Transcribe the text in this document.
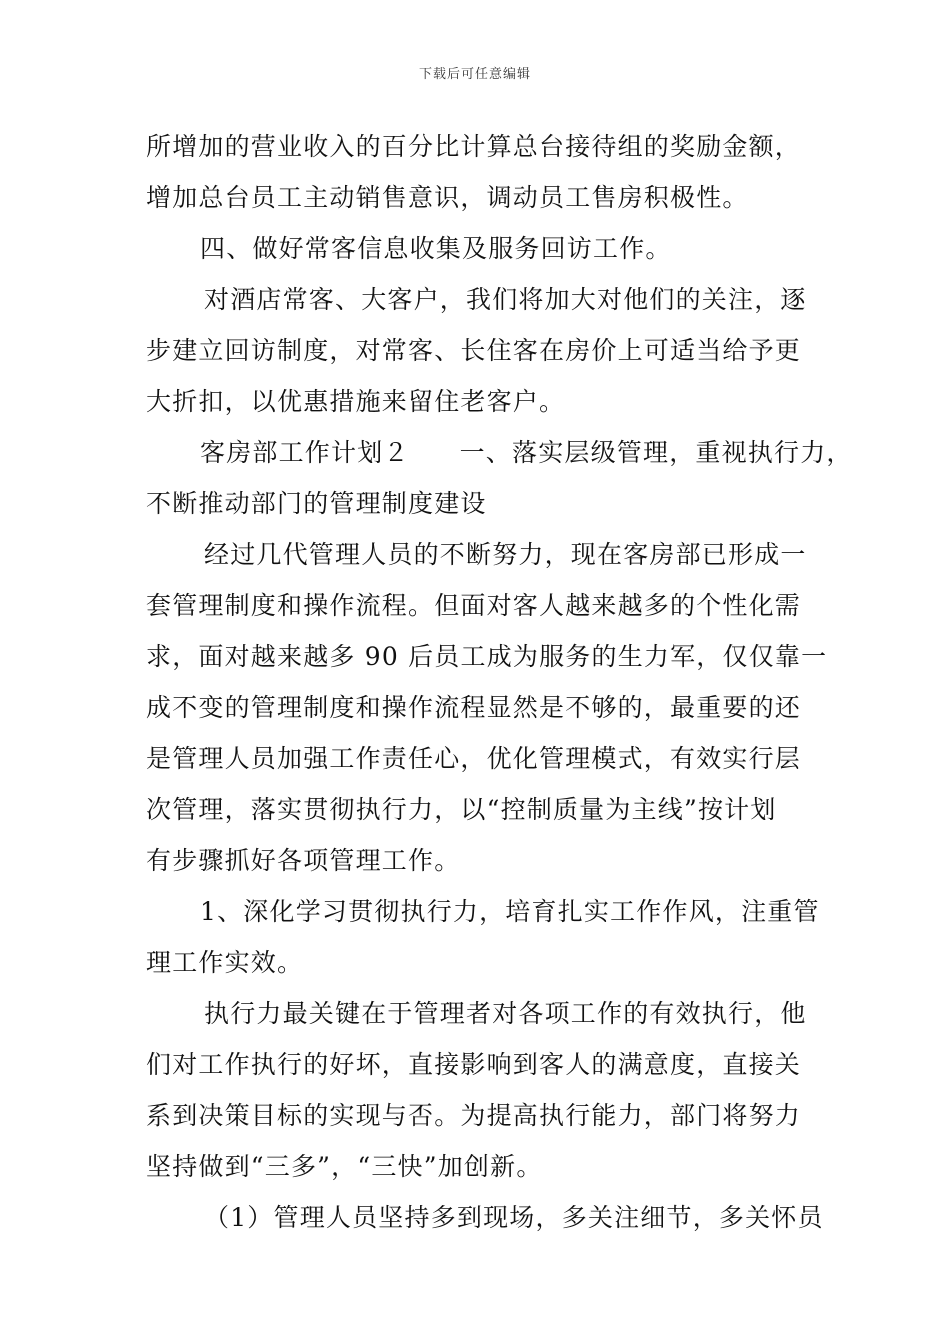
下载后可任意编辑

所增加的营业收入的百分比计算总台接待组的奖励金额，

增加总台员工主动销售意识，调动员工售房积极性。

四、做好常客信息收集及服务回访工作。

对酒店常客、大客户，我们将加大对他们的关注，逐

步建立回访制度，对常客、长住客在房价上可适当给予更

大折扣，以优惠措施来留住老客户。

客房部工作计划２ 一、落实层级管理，重视执行力，

不断推动部门的管理制度建设

经过几代管理人员的不断努力，现在客房部已形成一

套管理制度和操作流程。但面对客人越来越多的个性化需

求，面对越来越多 90 后员工成为服务的生力军，仅仅靠一

成不变的管理制度和操作流程显然是不够的，最重要的还

是管理人员加强工作责任心，优化管理模式，有效实行层

次管理，落实贯彻执行力，以“控制质量为主线”按计划

有步骤抓好各项管理工作。

1、深化学习贯彻执行力，培育扎实工作作风，注重管

理工作实效。

执行力最关键在于管理者对各项工作的有效执行，他

们对工作执行的好坏，直接影响到客人的满意度，直接关

系到决策目标的实现与否。为提高执行能力，部门将努力

坚持做到“三多”，“三快”加创新。

（1）管理人员坚持多到现场，多关注细节，多关怀员
